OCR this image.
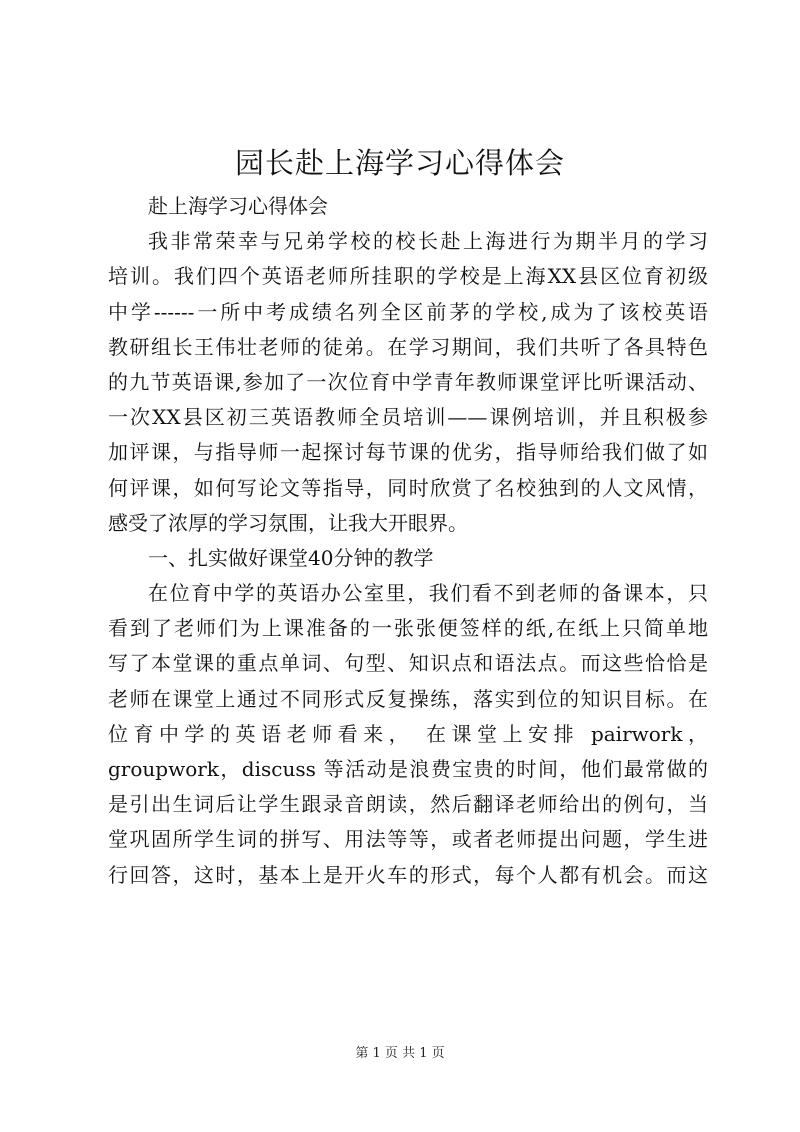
园长赴上海学习心得体会
赴上海学习心得体会
我非常荣幸与兄弟学校的校长赴上海进行为期半月的学习
培训。我们四个英语老师所挂职的学校是上海XX县区位育初级
中学------一所中考成绩名列全区前茅的学校,成为了该校英语
教研组长王伟壮老师的徒弟。在学习期间，我们共听了各具特色
的九节英语课,参加了一次位育中学青年教师课堂评比听课活动、
一次XX县区初三英语教师全员培训——课例培训，并且积极参
加评课，与指导师一起探讨每节课的优劣，指导师给我们做了如
何评课，如何写论文等指导，同时欣赏了名校独到的人文风情，
感受了浓厚的学习氛围，让我大开眼界。
一、扎实做好课堂40分钟的教学
在位育中学的英语办公室里，我们看不到老师的备课本，只
看到了老师们为上课准备的一张张便签样的纸,在纸上只简单地
写了本堂课的重点单词、句型、知识点和语法点。而这些恰恰是
老师在课堂上通过不同形式反复操练，落实到位的知识目标。在
位育中学的英语老师看来， 在课堂上安排 pairwork，
groupwork，discuss 等活动是浪费宝贵的时间，他们最常做的
是引出生词后让学生跟录音朗读，然后翻译老师给出的例句，当
堂巩固所学生词的拼写、用法等等，或者老师提出问题，学生进
行回答，这时，基本上是开火车的形式，每个人都有机会。而这
第 1 页 共 1 页
